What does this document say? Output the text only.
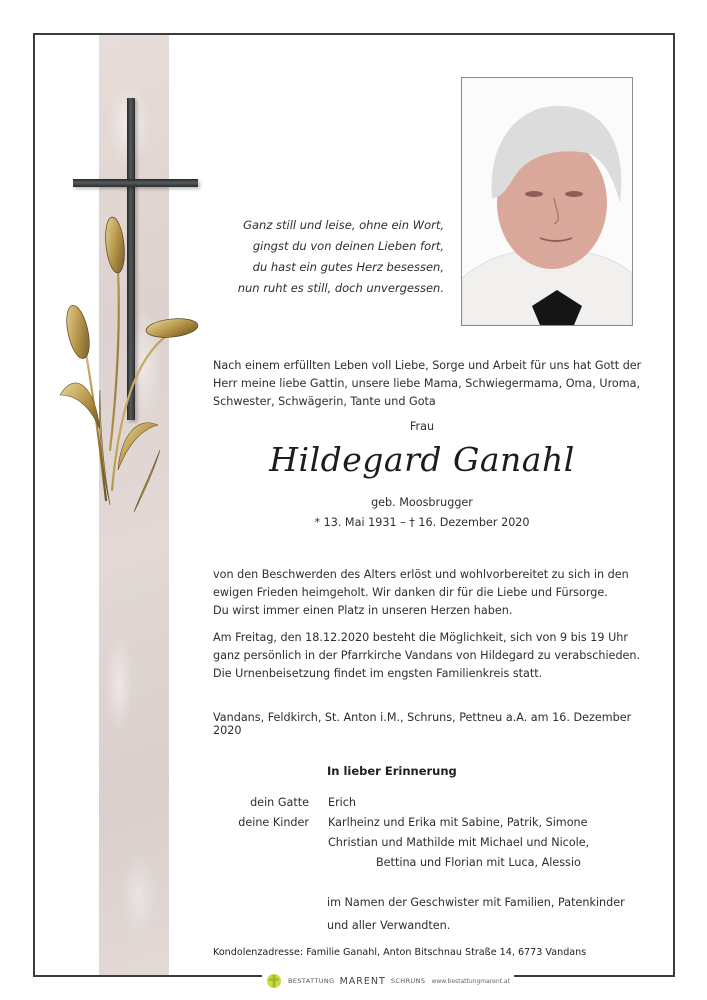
Ganz still und leise, ohne ein Wort,
gingst du von deinen Lieben fort,
du hast ein gutes Herz besessen,
nun ruht es still, doch unvergessen.
Nach einem erfüllten Leben voll Liebe, Sorge und Arbeit für uns hat Gott der
Herr meine liebe Gattin, unsere liebe Mama, Schwiegermama, Oma, Uroma,
Schwester, Schwägerin, Tante und Gota
Frau
Hildegard Ganahl
geb. Moosbrugger
* 13. Mai 1931 – † 16. Dezember 2020
von den Beschwerden des Alters erlöst und wohlvorbereitet zu sich in den
ewigen Frieden heimgeholt. Wir danken dir für die Liebe und Fürsorge.
Du wirst immer einen Platz in unseren Herzen haben.
Am Freitag, den 18.12.2020 besteht die Möglichkeit, sich von 9 bis 19 Uhr
ganz persönlich in der Pfarrkirche Vandans von Hildegard zu verabschieden.
Die Urnenbeisetzung findet im engsten Familienkreis statt.
Vandans, Feldkirch, St. Anton i.M., Schruns, Pettneu a.A. am 16. Dezember 2020
In lieber Erinnerung
dein Gatte Erich
deine Kinder Karlheinz und Erika mit Sabine, Patrik, Simone
Christian und Mathilde mit Michael und Nicole,
Bettina und Florian mit Luca, Alessio
im Namen der Geschwister mit Familien, Patenkinder
und aller Verwandten.
Kondolenzadresse: Familie Ganahl, Anton Bitschnau Straße 14, 6773 Vandans
BESTATTUNG MARENT SCHRUNS www.bestattungmarent.at
